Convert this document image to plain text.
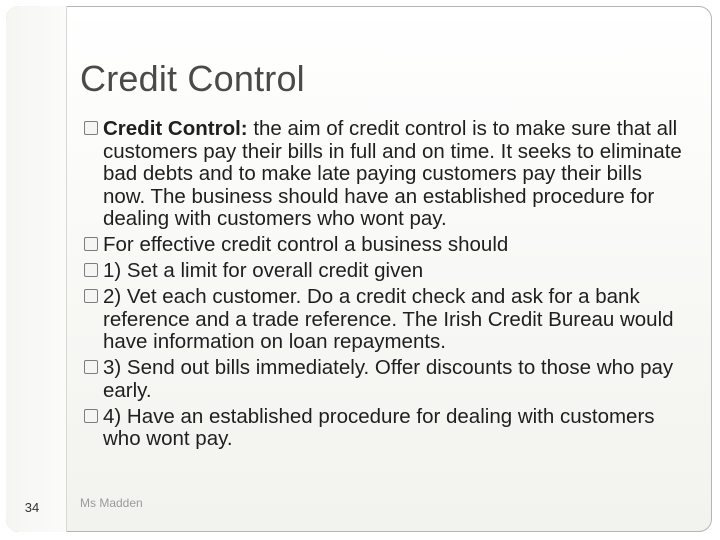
Credit Control
Credit Control: the aim of credit control is to make sure that all customers pay their bills in full and on time. It seeks to eliminate bad debts and to make late paying customers pay their bills now. The business should have an established procedure for dealing with customers who wont pay.
For effective credit control a business should
1) Set a limit for overall credit given
2) Vet each customer. Do a credit check and ask for a bank reference and a trade reference. The Irish Credit Bureau would have information on loan repayments.
3) Send out bills immediately. Offer discounts to those who pay early.
4) Have an established procedure for dealing with customers who wont pay.
Ms Madden
34
